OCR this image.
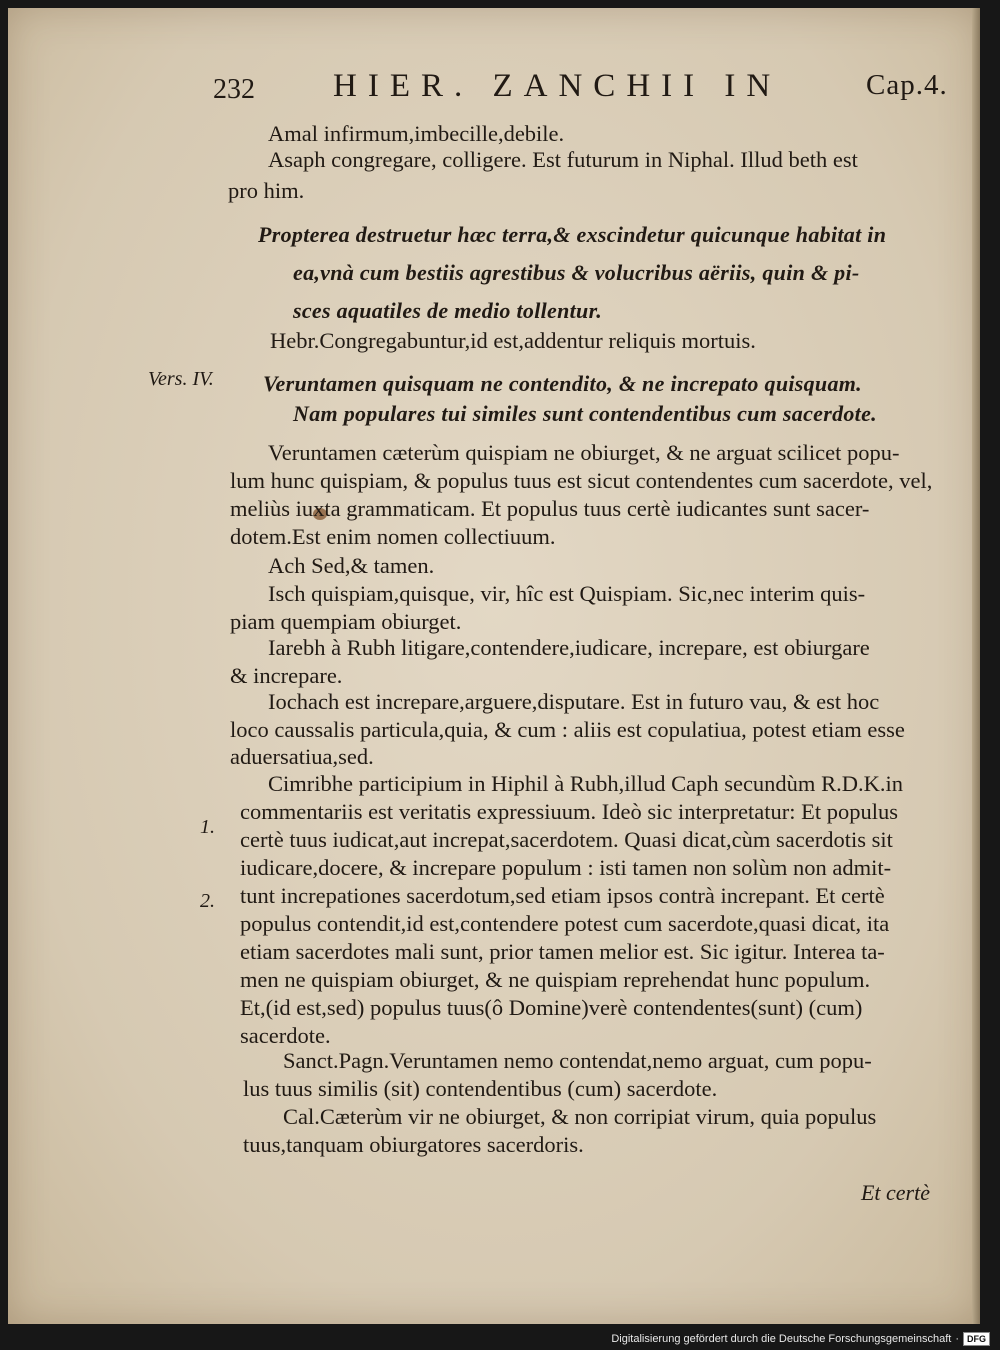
232 HIER. ZANCHII IN	Cap.4.
Amal infirmum,imbecille,debile.
Asaph congregare, colligere. Est futurum in Niphal. Illud beth est
pro him.
Propterea destruetur hæc terra,& exscindetur quicunque habitat in
ea,vnà cum bestiis agrestibus & volucribus aëriis, quin & pi-
sces aquatiles de medio tollentur.
Hebr.Congregabuntur,id est,addentur reliquis mortuis.
Vers. IV. Veruntamen quisquam ne contendito, & ne increpato quisquam.
Nam populares tui similes sunt contendentibus cum sacerdote.
Veruntamen cæterùm quispiam ne obiurget, & ne arguat scilicet popu-
lum hunc quispiam, & populus tuus est sicut contendentes cum sacerdote, vel,
meliùs iuxta grammaticam. Et populus tuus certè iudicantes sunt sacer-
dotem.Est enim nomen collectiuum.
Ach Sed,& tamen.
Isch quispiam,quisque, vir, hîc est Quispiam. Sic,nec interim quis-
piam quempiam obiurget.
Iarebh à Rubh litigare,contendere,iudicare, increpare, est obiurgare
& increpare.
Iochach est increpare,arguere,disputare. Est in futuro vau, & est hoc
loco caussalis particula,quia, & cum : aliis est copulatiua, potest etiam esse
aduersatiua,sed.
Cimribhe participium in Hiphil à Rubh,illud Caph secundùm R.D.K.in
1.
commentariis est veritatis expressiuum. Ideò sic interpretatur: Et populus
certè tuus iudicat,aut increpat,sacerdotem. Quasi dicat,cùm sacerdotis sit
iudicare,docere, & increpare populum : isti tamen non solùm non admit-
2. tunt increpationes sacerdotum,sed etiam ipsos contrà increpant. Et certè
populus contendit,id est,contendere potest cum sacerdote,quasi dicat, ita
etiam sacerdotes mali sunt, prior tamen melior est. Sic igitur. Interea ta-
men ne quispiam obiurget, & ne quispiam reprehendat hunc populum.
Et,(id est,sed) populus tuus(ô Domine)verè contendentes(sunt) (cum)
sacerdote.
Sanct.Pagn.Veruntamen nemo contendat,nemo arguat, cum popu-
lus tuus similis (sit) contendentibus (cum) sacerdote.
Cal.Cæterùm vir ne obiurget, & non corripiat virum, quia populus
tuus,tanquam obiurgatores sacerdoris.
Et certè
Digitalisierung gefördert durch die Deutsche Forschungsgemeinschaft · DFG
